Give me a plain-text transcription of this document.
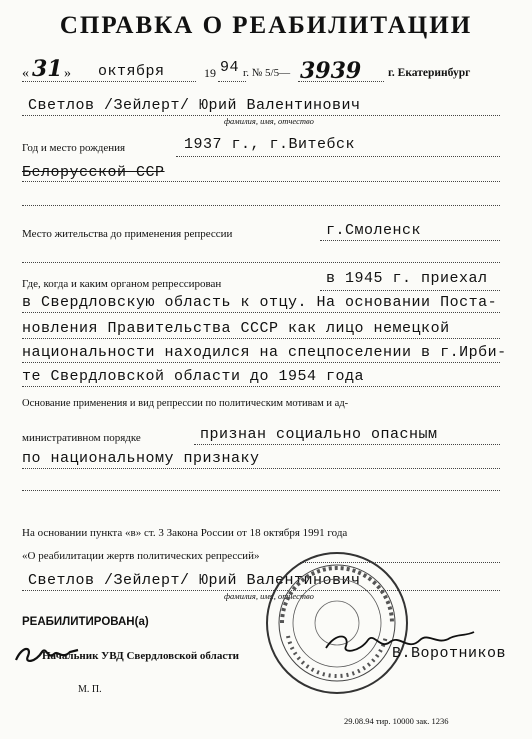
СПРАВКА О РЕАБИЛИТАЦИИ
« 31 » октября	19 94 г. № 5/5— 3939 г. Екатеринбург
Светлов /Зейлерт/ Юрий Валентинович
фамилия, имя, отчество
Год и место рождения	1937 г., г.Витебск
Белорусской ССР
Место жительства до применения репрессии	г.Смоленск
Где, когда и каким органом репрессирован	в 1945 г. приехал
в Свердловскую область к отцу. На основании Поста-
новления Правительства СССР как лицо немецкой
национальности находился на спецпоселении в г.Ирби-
те Свердловской области до 1954 года
Основание применения и вид репрессии по политическим мотивам и ад-
министративном порядке	признан социально опасным
по национальному признаку
На основании пункта «в» ст. 3 Закона России от 18 октября 1991 года
«О реабилитации жертв политических репрессий»
Светлов /Зейлерт/ Юрий Валентинович
фамилия, имя, отчество
РЕАБИЛИТИРОВАН(а)
Начальник УВД Свердловской области	В.Воротников
М. П.
29.08.94 тир. 10000 зак. 1236
